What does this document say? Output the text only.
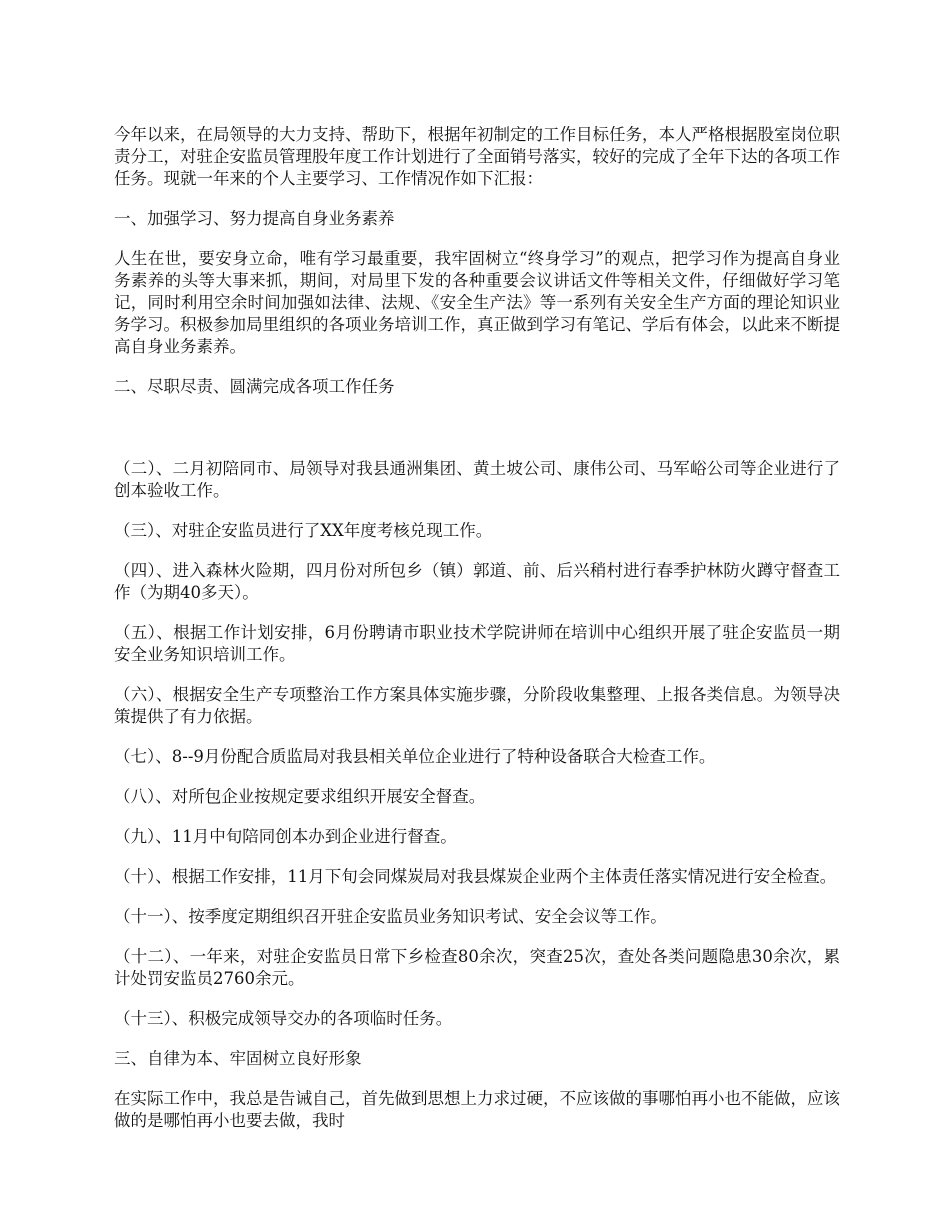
今年以来，在局领导的大力支持、帮助下，根据年初制定的工作目标任务，本人严格根据股室岗位职责分工，对驻企安监员管理股年度工作计划进行了全面销号落实，较好的完成了全年下达的各项工作任务。现就一年来的个人主要学习、工作情况作如下汇报：

一、加强学习、努力提高自身业务素养

人生在世，要安身立命，唯有学习最重要，我牢固树立“终身学习”的观点，把学习作为提高自身业务素养的头等大事来抓，期间，对局里下发的各种重要会议讲话文件等相关文件，仔细做好学习笔记，同时利用空余时间加强如法律、法规、《安全生产法》等一系列有关安全生产方面的理论知识业务学习。积极参加局里组织的各项业务培训工作，真正做到学习有笔记、学后有体会，以此来不断提高自身业务素养。

二、尽职尽责、圆满完成各项工作任务

（二）、二月初陪同市、局领导对我县通洲集团、黄土坡公司、康伟公司、马军峪公司等企业进行了创本验收工作。

（三）、对驻企安监员进行了XX年度考核兑现工作。

（四）、进入森林火险期，四月份对所包乡（镇）郭道、前、后兴稍村进行春季护林防火蹲守督查工作（为期40多天）。

（五）、根据工作计划安排，6月份聘请市职业技术学院讲师在培训中心组织开展了驻企安监员一期安全业务知识培训工作。

（六）、根据安全生产专项整治工作方案具体实施步骤，分阶段收集整理、上报各类信息。为领导决策提供了有力依据。

（七）、8--9月份配合质监局对我县相关单位企业进行了特种设备联合大检查工作。

（八）、对所包企业按规定要求组织开展安全督查。

（九）、11月中旬陪同创本办到企业进行督查。

（十）、根据工作安排，11月下旬会同煤炭局对我县煤炭企业两个主体责任落实情况进行安全检查。

（十一）、按季度定期组织召开驻企安监员业务知识考试、安全会议等工作。

（十二）、一年来，对驻企安监员日常下乡检查80余次，突查25次，查处各类问题隐患30余次，累计处罚安监员2760余元。

（十三）、积极完成领导交办的各项临时任务。

三、自律为本、牢固树立良好形象

在实际工作中，我总是告诫自己，首先做到思想上力求过硬，不应该做的事哪怕再小也不能做，应该做的是哪怕再小也要去做，我时
